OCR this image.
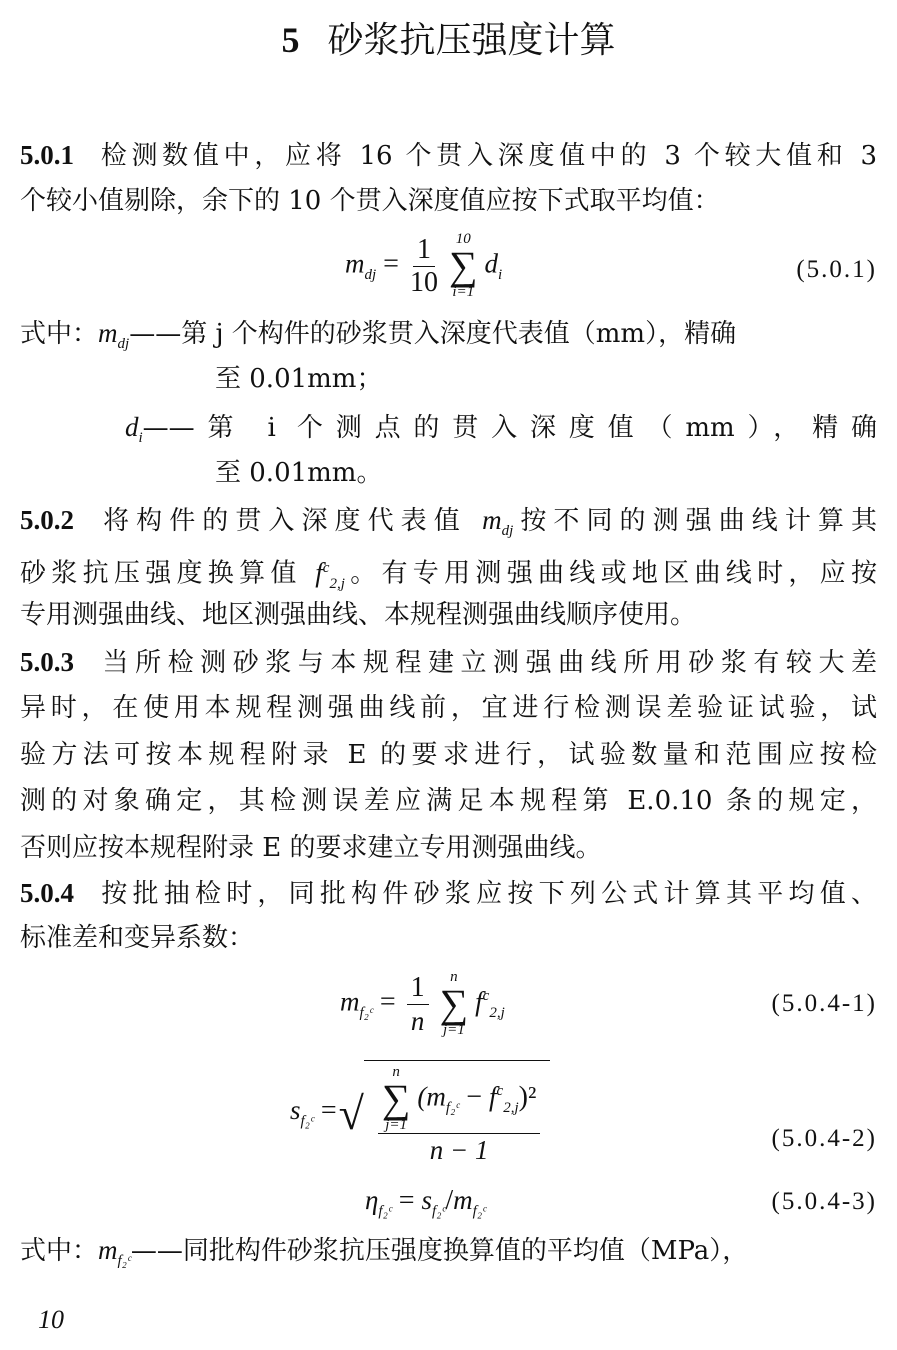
5 砂浆抗压强度计算
5.0.1 检测数值中，应将 16 个贯入深度值中的 3 个较大值和 3
个较小值剔除，余下的 10 个贯入深度值应按下式取平均值：
$m_{dj} = \frac{1}{10}$
10
∑
i=1
$d_i$	(5.0.1)
式中：$m_{dj}——$第 j 个构件的砂浆贯入深度代表值（mm），精确
至 0.01mm；
$d_i——$第 i 个测点的贯入深度值（mm），精确
至 0.01mm。
5.0.2 将构件的贯入深度代表值 $m_{dj}$按不同的测强曲线计算其
砂浆抗压强度换算值 $f^c_{2,j}$。有专用测强曲线或地区曲线时，应按
专用测强曲线、地区测强曲线、本规程测强曲线顺序使用。
5.0.3 当所检测砂浆与本规程建立测强曲线所用砂浆有较大差
异时，在使用本规程测强曲线前，宜进行检测误差验证试验，试
验方法可按本规程附录 E 的要求进行，试验数量和范围应按检
测的对象确定，其检测误差应满足本规程第 E.0.10 条的规定，
否则应按本规程附录 E 的要求建立专用测强曲线。
5.0.4 按批抽检时，同批构件砂浆应按下列公式计算其平均值、
标准差和变异系数：
$m_{f_2ᶜ} = \frac{1}{n}$
n
∑
j=1
$f^c_{2,j}$	(5.0.4-1)
$s_{f_2ᶜ}$ = √ n
∑
j=1
$(m_{f_2ᶜ} - f^c_{2,j})^2$
n − 1	(5.0.4-2)
$\eta_{f_2ᶜ} = s_{f_2ᶜ}/m_{f_2ᶜ}$	(5.0.4-3)
式中：$m_{f_2ᶜ}——$同批构件砂浆抗压强度换算值的平均值（MPa），
10
